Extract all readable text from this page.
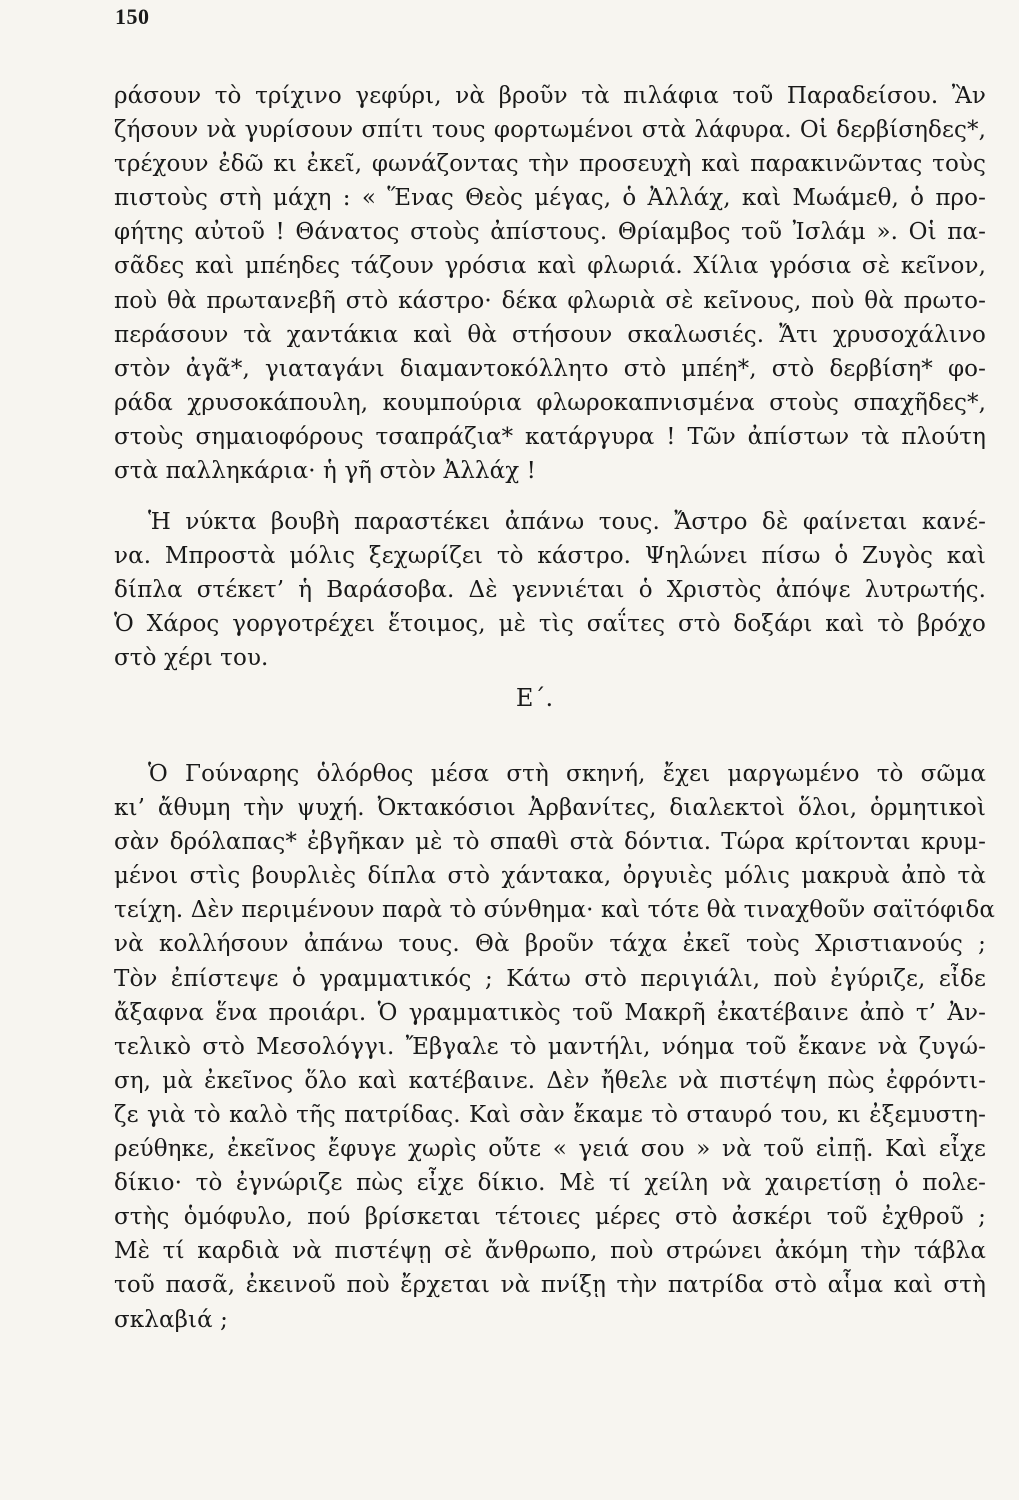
150
ράσουν τὸ τρίχινο γεφύρι, νὰ βροῦν τὰ πιλάφια τοῦ Παραδείσου. Ἂν
ζήσουν νὰ γυρίσουν σπίτι τους φορτωμένοι στὰ λάφυρα. Οἱ δερβίσηδες*,
τρέχουν ἐδῶ κι ἐκεῖ, φωνάζοντας τὴν προσευχὴ καὶ παρακινῶντας τοὺς
πιστοὺς στὴ μάχη : « Ἕνας Θεὸς μέγας, ὁ Ἀλλάχ, καὶ Μωάμεθ, ὁ προ-
φήτης αὐτοῦ ! Θάνατος στοὺς ἀπίστους. Θρίαμβος τοῦ Ἰσλάμ ». Οἱ πα-
σᾶδες καὶ μπέηδες τάζουν γρόσια καὶ φλωριά. Χίλια γρόσια σὲ κεῖνον,
ποὺ θὰ πρωτανεβῆ στὸ κάστρο· δέκα φλωριὰ σὲ κεῖνους, ποὺ θὰ πρωτο-
περάσουν τὰ χαντάκια καὶ θὰ στήσουν σκαλωσιές. Ἄτι χρυσοχάλινο
στὸν ἀγᾶ*, γιαταγάνι διαμαντοκόλλητο στὸ μπέη*, στὸ δερβίση* φο-
ράδα χρυσοκάπουλη, κουμπούρια φλωροκαπνισμένα στοὺς σπαχῆδες*,
στοὺς σημαιοφόρους τσαπράζια* κατάργυρα ! Τῶν ἀπίστων τὰ πλούτη
στὰ παλληκάρια· ἡ γῆ στὸν Ἀλλάχ !
Ἡ νύκτα βουβὴ παραστέκει ἀπάνω τους. Ἄστρο δὲ φαίνεται κανέ-
να. Μπροστὰ μόλις ξεχωρίζει τὸ κάστρο. Ψηλώνει πίσω ὁ Ζυγὸς καὶ
δίπλα στέκετ’ ἡ Βαράσοβα. Δὲ γεννιέται ὁ Χριστὸς ἀπόψε λυτρωτής.
Ὁ Χάρος γοργοτρέχει ἕτοιμος, μὲ τὶς σαΐτες στὸ δοξάρι καὶ τὸ βρόχο
στὸ χέρι του.
Ε΄.
Ὁ Γούναρης ὁλόρθος μέσα στὴ σκηνή, ἔχει μαργωμένο τὸ σῶμα
κι’ ἄθυμη τὴν ψυχή. Ὀκτακόσιοι Ἀρβανίτες, διαλεκτοὶ ὅλοι, ὁρμητικοὶ
σὰν δρόλαπας* ἐβγῆκαν μὲ τὸ σπαθὶ στὰ δόντια. Τώρα κρίτονται κρυμ-
μένοι στὶς βουρλιὲς δίπλα στὸ χάντακα, ὀργυιὲς μόλις μακρυὰ ἀπὸ τὰ
τείχη. Δὲν περιμένουν παρὰ τὸ σύνθημα· καὶ τότε θὰ τιναχθοῦν σαϊτόφιδα
νὰ κολλήσουν ἀπάνω τους. Θὰ βροῦν τάχα ἐκεῖ τοὺς Χριστιανούς ;
Τὸν ἐπίστεψε ὁ γραμματικός ; Κάτω στὸ περιγιάλι, ποὺ ἐγύριζε, εἶδε
ἄξαφνα ἕνα προιάρι. Ὁ γραμματικὸς τοῦ Μακρῆ ἐκατέβαινε ἀπὸ τ’ Ἀν-
τελικὸ στὸ Μεσολόγγι. Ἔβγαλε τὸ μαντήλι, νόημα τοῦ ἔκανε νὰ ζυγώ-
ση, μὰ ἐκεῖνος ὅλο καὶ κατέβαινε. Δὲν ἤθελε νὰ πιστέψη πὼς ἐφρόντι-
ζε γιὰ τὸ καλὸ τῆς πατρίδας. Καὶ σὰν ἔκαμε τὸ σταυρό του, κι ἐξεμυστη-
ρεύθηκε, ἐκεῖνος ἔφυγε χωρὶς οὔτε « γειά σου » νὰ τοῦ εἰπῇ. Καὶ εἶχε
δίκιο· τὸ ἐγνώριζε πὼς εἶχε δίκιο. Μὲ τί χείλη νὰ χαιρετίσῃ ὁ πολε-
στὴς ὁμόφυλο, πού βρίσκεται τέτοιες μέρες στὸ ἀσκέρι τοῦ ἐχθροῦ ;
Μὲ τί καρδιὰ νὰ πιστέψῃ σὲ ἄνθρωπο, ποὺ στρώνει ἀκόμη τὴν τάβλα
τοῦ πασᾶ, ἐκεινοῦ ποὺ ἔρχεται νὰ πνίξῃ τὴν πατρίδα στὸ αἷμα καὶ στὴ
σκλαβιά ;
